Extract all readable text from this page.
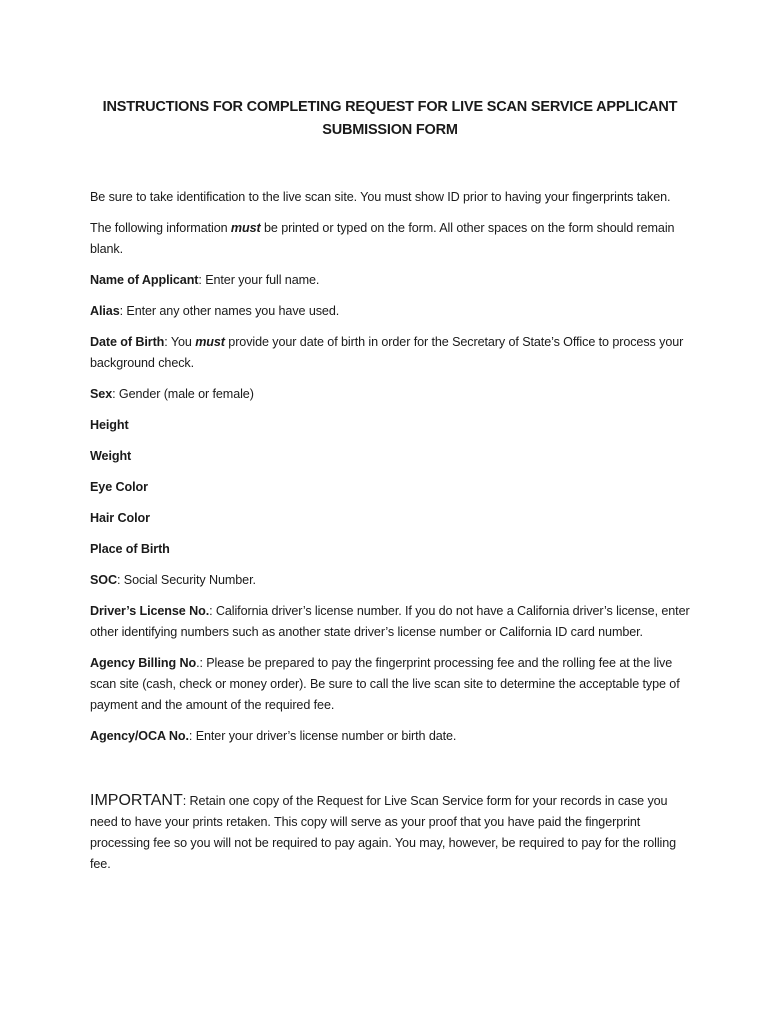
INSTRUCTIONS FOR COMPLETING REQUEST FOR LIVE SCAN SERVICE APPLICANT
SUBMISSION FORM

Be sure to take identification to the live scan site. You must show ID prior to having your fingerprints taken.

The following information must be printed or typed on the form. All other spaces on the form should remain blank.

Name of Applicant: Enter your full name.

Alias: Enter any other names you have used.

Date of Birth: You must provide your date of birth in order for the Secretary of State’s Office to process your background check.

Sex: Gender (male or female)

Height

Weight

Eye Color

Hair Color

Place of Birth

SOC: Social Security Number.

Driver’s License No.: California driver’s license number. If you do not have a California driver’s license, enter other identifying numbers such as another state driver’s license number or California ID card number.

Agency Billing No.: Please be prepared to pay the fingerprint processing fee and the rolling fee at the live scan site (cash, check or money order). Be sure to call the live scan site to determine the acceptable type of payment and the amount of the required fee.

Agency/OCA No.: Enter your driver’s license number or birth date.

IMPORTANT: Retain one copy of the Request for Live Scan Service form for your records in case you need to have your prints retaken. This copy will serve as your proof that you have paid the fingerprint processing fee so you will not be required to pay again. You may, however, be required to pay for the rolling fee.
